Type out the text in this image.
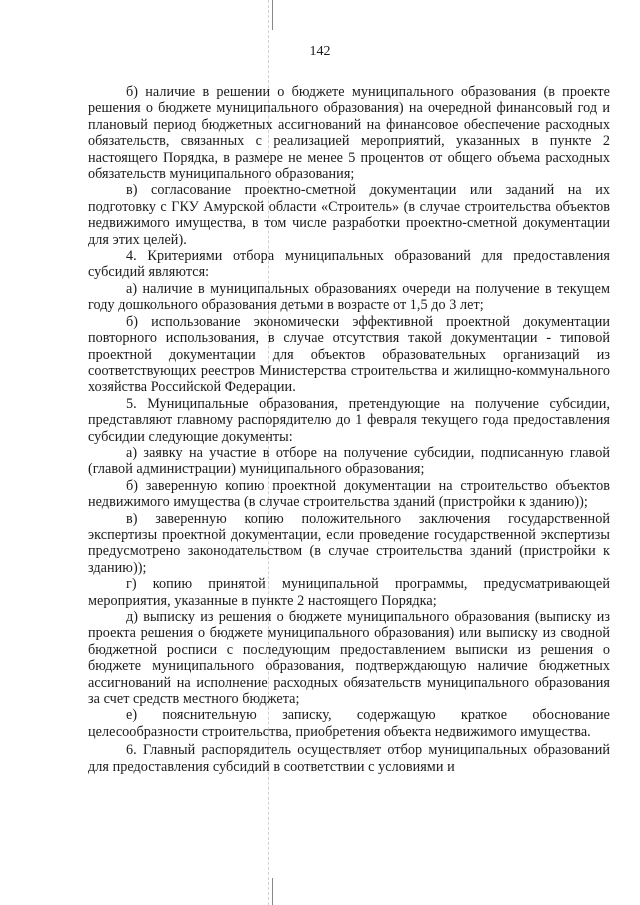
142

б) наличие в решении о бюджете муниципального образования (в проекте решения о бюджете муниципального образования) на очередной финансовый год и плановый период бюджетных ассигнований на финансовое обеспечение расходных обязательств, связанных с реализацией мероприятий, указанных в пункте 2 настоящего Порядка, в размере не менее 5 процентов от общего объема расходных обязательств муниципального образования;

в) согласование проектно-сметной документации или заданий на их подготовку с ГКУ Амурской области «Строитель» (в случае строительства объектов недвижимого имущества, в том числе разработки проектно-сметной документации для этих целей).

4. Критериями отбора муниципальных образований для предоставления субсидий являются:

а) наличие в муниципальных образованиях очереди на получение в текущем году дошкольного образования детьми в возрасте от 1,5 до 3 лет;

б) использование экономически эффективной проектной документации повторного использования, в случае отсутствия такой документации - типовой проектной документации для объектов образовательных организаций из соответствующих реестров Министерства строительства и жилищно-коммунального хозяйства Российской Федерации.

5. Муниципальные образования, претендующие на получение субсидии, представляют главному распорядителю до 1 февраля текущего года предоставления субсидии следующие документы:

а) заявку на участие в отборе на получение субсидии, подписанную главой (главой администрации) муниципального образования;

б) заверенную копию проектной документации на строительство объектов недвижимого имущества (в случае строительства зданий (пристройки к зданию));

в) заверенную копию положительного заключения государственной экспертизы проектной документации, если проведение государственной экспертизы предусмотрено законодательством (в случае строительства зданий (пристройки к зданию));

г) копию принятой муниципальной программы, предусматривающей мероприятия, указанные в пункте 2 настоящего Порядка;

д) выписку из решения о бюджете муниципального образования (выписку из проекта решения о бюджете муниципального образования) или выписку из сводной бюджетной росписи с последующим предоставлением выписки из решения о бюджете муниципального образования, подтверждающую наличие бюджетных ассигнований на исполнение расходных обязательств муниципального образования за счет средств местного бюджета;

е) пояснительную записку, содержащую краткое обоснование целесообразности строительства, приобретения объекта недвижимого имущества.

6. Главный распорядитель осуществляет отбор муниципальных образований для предоставления субсидий в соответствии с условиями и
